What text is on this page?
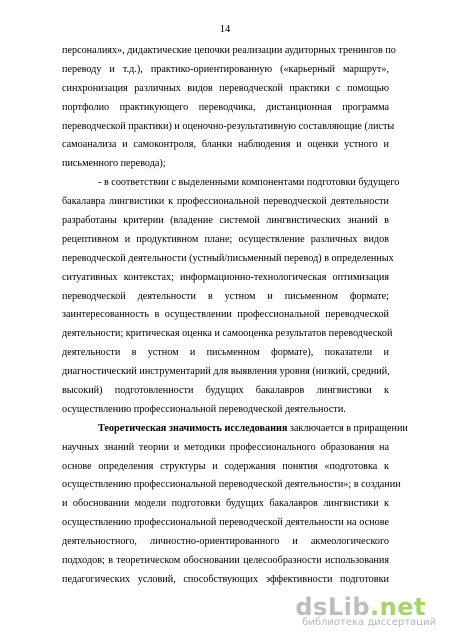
14
персоналиях», дидактические цепочки реализации аудиторных тренингов по
переводу и т.д.), практико-ориентированную («карьерный маршрут»,
синхронизация различных видов переводческой практики с помощью
портфолио практикующего переводчика, дистанционная программа
переводческой практики) и оценочно-результативную составляющие (листы
самоанализа и самоконтроля, бланки наблюдения и оценки устного и
письменного перевода);
- в соответствии с выделенными компонентами подготовки будущего
бакалавра лингвистики к профессиональной переводческой деятельности
разработаны критерии (владение системой лингвистических знаний в
рецептивном и продуктивном плане; осуществление различных видов
переводческой деятельности (устный/письменный перевод) в определенных
ситуативных контекстах; информационно-технологическая оптимизация
переводческой деятельности в устном и письменном формате;
заинтересованность в осуществлении профессиональной переводческой
деятельности; критическая оценка и самооценка результатов переводческой
деятельности в устном и письменном формате), показатели и
диагностический инструментарий для выявления уровня (низкий, средний,
высокий) подготовленности будущих бакалавров лингвистики к
осуществлению профессиональной переводческой деятельности.
Теоретическая значимость исследования заключается в приращении
научных знаний теории и методики профессионального образования на
основе определения структуры и содержания понятия «подготовка к
осуществлению профессиональной переводческой деятельности»; в создании
и обосновании модели подготовки будущих бакалавров лингвистики к
осуществлению профессиональной переводческой деятельности на основе
деятельностного, личностно-ориентированного и акмеологического
подходов; в теоретическом обосновании целесообразности использования
педагогических условий, способствующих эффективности подготовки
dsLib.net
библиотека диссертаций
